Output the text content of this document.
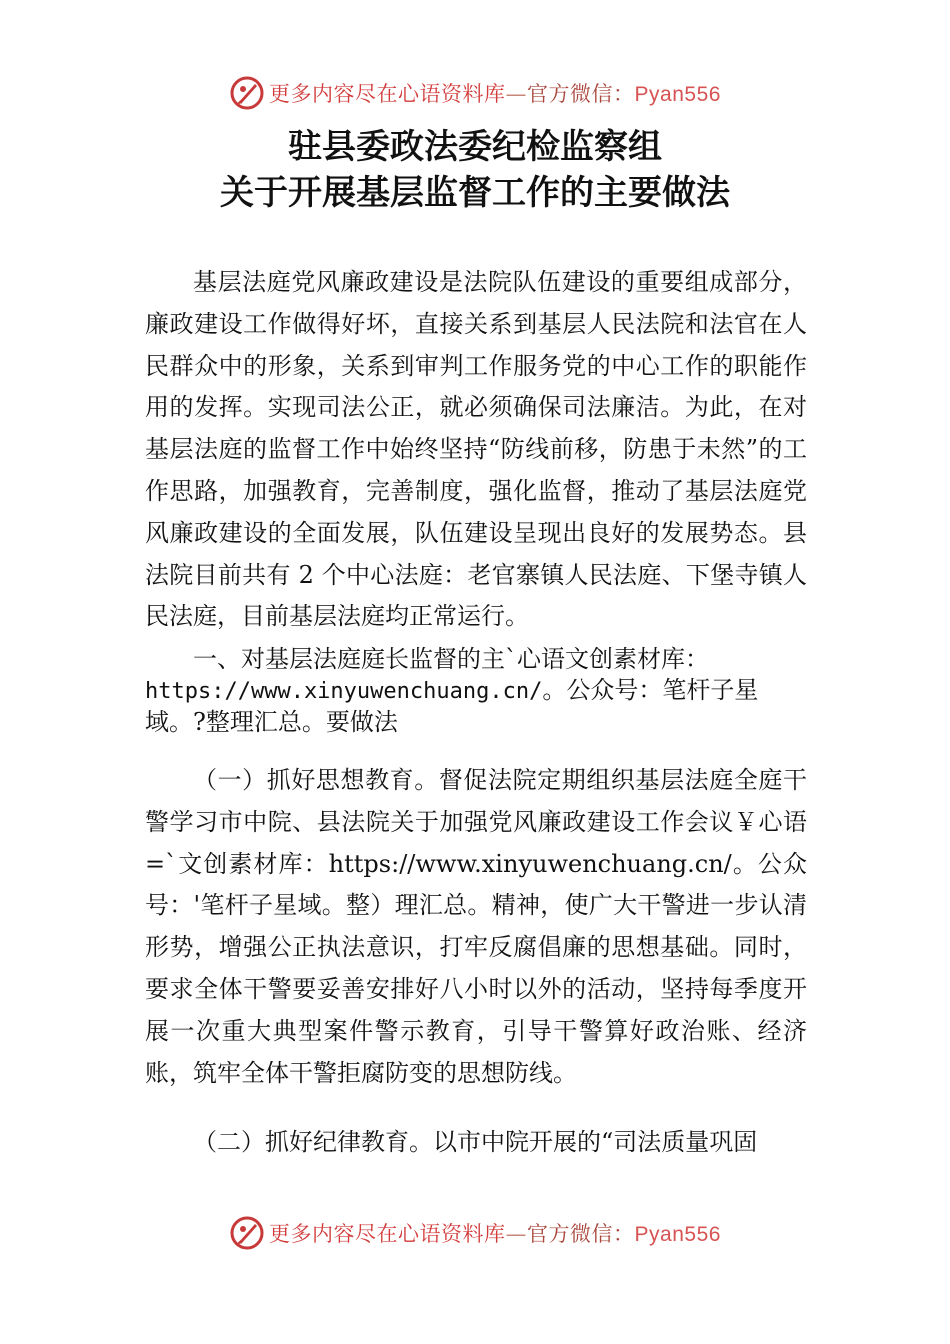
更多内容尽在心语资料库—官方微信：Pyan556
驻县委政法委纪检监察组
关于开展基层监督工作的主要做法

基层法庭党风廉政建设是法院队伍建设的重要组成部分，廉政建设工作做得好坏，直接关系到基层人民法院和法官在人民群众中的形象，关系到审判工作服务党的中心工作的职能作用的发挥。实现司法公正，就必须确保司法廉洁。为此，在对基层法庭的监督工作中始终坚持“防线前移，防患于未然”的工作思路，加强教育，完善制度，强化监督，推动了基层法庭党风廉政建设的全面发展，队伍建设呈现出良好的发展势态。县法院目前共有 2 个中心法庭：老官寨镇人民法庭、下堡寺镇人民法庭，目前基层法庭均正常运行。

一、对基层法庭庭长监督的主`心语文创素材库：https://www.xinyuwenchuang.cn/。公众号：笔杆子星域。?整理汇总。要做法

（一）抓好思想教育。督促法院定期组织基层法庭全庭干警学习市中院、县法院关于加强党风廉政建设工作会议￥心语=`文创素材库：https://www.xinyuwenchuang.cn/。公众号：'笔杆子星域。整）理汇总。精神，使广大干警进一步认清形势，增强公正执法意识，打牢反腐倡廉的思想基础。同时，要求全体干警要妥善安排好八小时以外的活动，坚持每季度开展一次重大典型案件警示教育，引导干警算好政治账、经济账，筑牢全体干警拒腐防变的思想防线。

（二）抓好纪律教育。以市中院开展的“司法质量巩固

更多内容尽在心语资料库—官方微信：Pyan556
